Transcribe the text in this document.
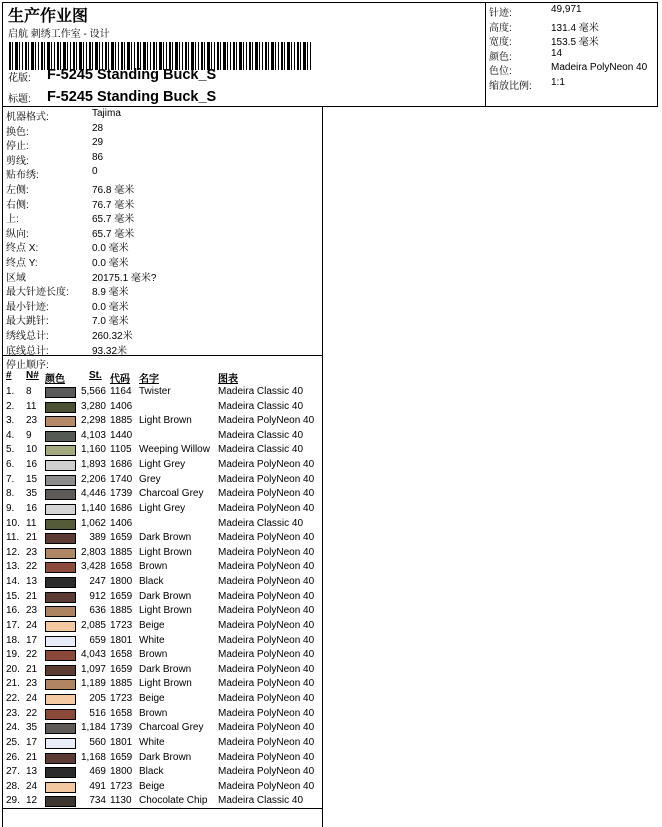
生产作业图
启航 刺绣工作室 - 设计
花版: F-5245 Standing Buck_S
标题: F-5245 Standing Buck_S
针迹:	49,971
高度:	131.4 毫米
宽度:	153.5 毫米
颜色:	14
色位:	Madeira PolyNeon 40
缩放比例: 1:1
机器格式:	Tajima
换色:	28
停止:	29
剪线:	86
贴布绣:	0
左侧:	76.8 毫米
右侧:	76.7 毫米
上:	65.7 毫米
纵向:	65.7 毫米
终点 X:	0.0 毫米
终点 Y:	0.0 毫米
区域	20175.1 毫米?
最大针迹长度: 8.9 毫米
最小针迹:	0.0 毫米
最大跳针:	7.0 毫米
绣线总计:	260.32米
底线总计:	93.32米
停止顺序:
# N# 颜色 St. 代码 名字	图表
1. 8	5,566 1164 Twister	Madeira Classic 40
2. 11	3,280 1406	Madeira Classic 40
3. 23	2,298 1885 Light Brown	Madeira PolyNeon 40
4. 9	4,103 1440	Madeira Classic 40
5. 10	1,160 1105 Weeping Willow Madeira Classic 40
6. 16	1,893 1686 Light Grey	Madeira PolyNeon 40
7. 15	2,206 1740 Grey	Madeira PolyNeon 40
8. 35	4,446 1739 Charcoal Grey Madeira PolyNeon 40
9. 16	1,140 1686 Light Grey	Madeira PolyNeon 40
10. 11	1,062 1406	Madeira Classic 40
11. 21	389 1659 Dark Brown	Madeira PolyNeon 40
12. 23	2,803 1885 Light Brown	Madeira PolyNeon 40
13. 22	3,428 1658 Brown	Madeira PolyNeon 40
14. 13	247 1800 Black	Madeira PolyNeon 40
15. 21	912 1659 Dark Brown	Madeira PolyNeon 40
16. 23	636 1885 Light Brown	Madeira PolyNeon 40
17. 24	2,085 1723 Beige	Madeira PolyNeon 40
18. 17	659 1801 White	Madeira PolyNeon 40
19. 22	4,043 1658 Brown	Madeira PolyNeon 40
20. 21	1,097 1659 Dark Brown	Madeira PolyNeon 40
21. 23	1,189 1885 Light Brown	Madeira PolyNeon 40
22. 24	205 1723 Beige	Madeira PolyNeon 40
23. 22	516 1658 Brown	Madeira PolyNeon 40
24. 35	1,184 1739 Charcoal Grey Madeira PolyNeon 40
25. 17	560 1801 White	Madeira PolyNeon 40
26. 21	1,168 1659 Dark Brown	Madeira PolyNeon 40
27. 13	469 1800 Black	Madeira PolyNeon 40
28. 24	491 1723 Beige	Madeira PolyNeon 40
29. 12	734 1130 Chocolate Chip Madeira Classic 40
